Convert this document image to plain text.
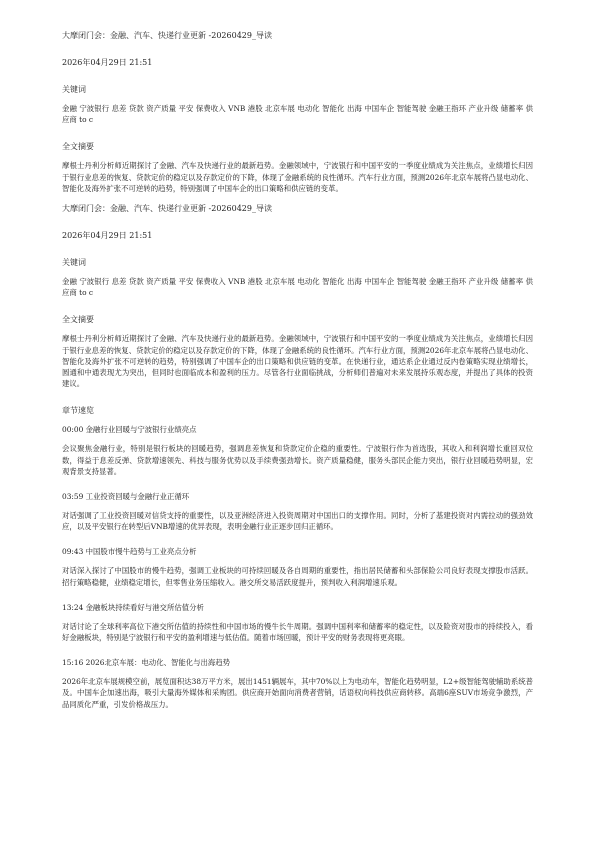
大摩闭门会：金融、汽车、快递行业更新 -20260429_导读
2026年04月29日 21:51
关键词
金融 宁波银行 息差 贷款 资产质量 平安 保费收入 VNB 港股 北京车展 电动化 智能化 出海 中国车企 智能驾驶 金融王指环 产业升级 储蓄率 供应商 to c
全文摘要
摩根士丹利分析师近期探讨了金融、汽车及快递行业的最新趋势。金融领域中，宁波银行和中国平安的一季度业绩成为关注焦点，业绩增长归因于银行业息差的恢复、贷款定价的稳定以及存款定价的下降，体现了金融系统的良性循环。汽车行业方面，预测2026年北京车展将凸显电动化、智能化及海外扩张不可逆转的趋势，特别强调了中国车企的出口策略和供应链的变革。
大摩闭门会：金融、汽车、快递行业更新 -20260429_导读
2026年04月29日 21:51
关键词
金融 宁波银行 息差 贷款 资产质量 平安 保费收入 VNB 港股 北京车展 电动化 智能化 出海 中国车企 智能驾驶 金融王指环 产业升级 储蓄率 供应商 to c
全文摘要
摩根士丹利分析师近期探讨了金融、汽车及快递行业的最新趋势。金融领域中，宁波银行和中国平安的一季度业绩成为关注焦点，业绩增长归因于银行业息差的恢复、贷款定价的稳定以及存款定价的下降，体现了金融系统的良性循环。汽车行业方面，预测2026年北京车展将凸显电动化、智能化及海外扩张不可逆转的趋势，特别强调了中国车企的出口策略和供应链的变革。在快递行业，通达系企业通过反内卷策略实现业绩增长，圆通和中通表现尤为突出，但同时也面临成本和盈利的压力。尽管各行业面临挑战，分析师们普遍对未来发展持乐观态度，并提出了具体的投资建议。
章节速览
00:00 金融行业回暖与宁波银行业绩亮点
会议聚焦金融行业，特别是银行板块的回暖趋势，强调息差恢复和贷款定价企稳的重要性。宁波银行作为首选股，其收入和利润增长重回双位数，得益于息差反弹、贷款增速领先、科技与服务优势以及手续费强劲增长。资产质量稳健，服务头部民企能力突出，银行业回暖趋势明显，宏观背景支持显著。
03:59 工业投资回暖与金融行业正循环
对话强调了工业投资回暖对信贷支持的重要性，以及亚洲经济进入投资周期对中国出口的支撑作用。同时，分析了基建投资对内需拉动的强劲效应，以及平安银行在转型后VNB增速的优异表现，表明金融行业正逐步回归正循环。
09:43 中国股市慢牛趋势与工业亮点分析
对话深入探讨了中国股市的慢牛趋势，强调工业板块的可持续回暖及各自周期的重要性，指出居民储蓄和头部保险公司良好表现支撑股市活跃。招行策略稳健，业绩稳定增长，但零售业务压缩收入。港交所交易活跃度提升，预判收入利润增速乐观。
13:24 金融板块持续看好与港交所估值分析
对话讨论了全球利率高位下港交所估值的持续性和中国市场的慢牛长牛周期。强调中国利率和储蓄率的稳定性，以及险资对股市的持续投入，看好金融板块，特别是宁波银行和平安的盈利增速与低估值。随着市场回暖，预计平安的财务表现将更亮眼。
15:16 2026北京车展：电动化、智能化与出海趋势
2026年北京车展规模空前，展览面积达38万平方米，展出1451辆展车，其中70%以上为电动车，智能化趋势明显，L2+级智能驾驶辅助系统普及。中国车企加速出海，吸引大量海外媒体和采购团。供应商开始面向消费者营销，话语权向科技供应商转移。高端6座SUV市场竞争激烈，产品同质化严重，引发价格战压力。
